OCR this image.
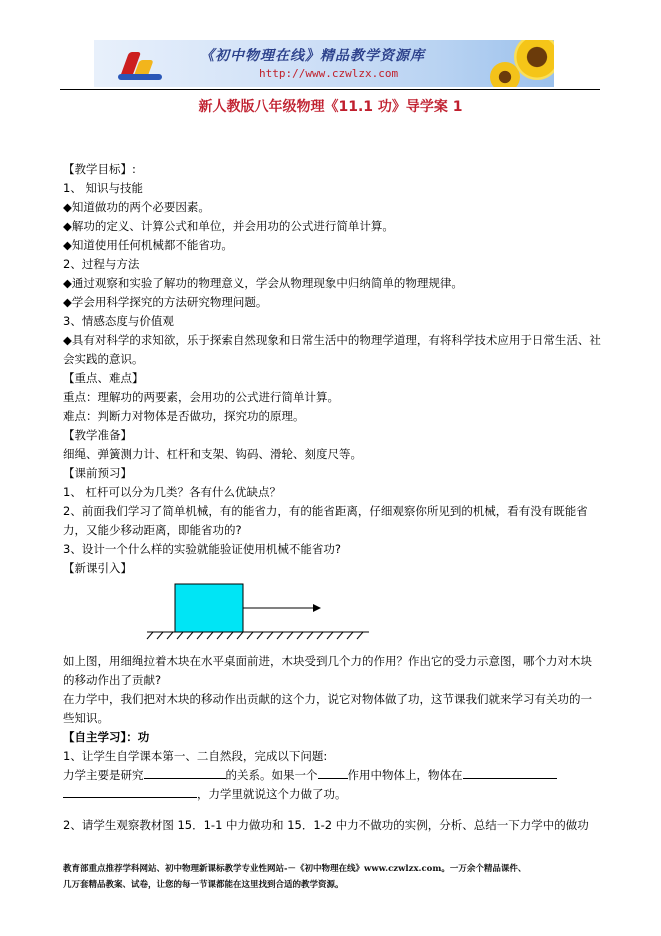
《初中物理在线》精品教学资源库
http://www.czwlzx.com
新人教版八年级物理《11.1 功》导学案 1

【教学目标】:

1、 知识与技能

◆知道做功的两个必要因素。

◆解功的定义、计算公式和单位，并会用功的公式进行简单计算。

◆知道使用任何机械都不能省功。

2、过程与方法

◆通过观察和实验了解功的物理意义，学会从物理现象中归纳简单的物理规律。

◆学会用科学探究的方法研究物理问题。

3、情感态度与价值观

◆具有对科学的求知欲，乐于探索自然现象和日常生活中的物理学道理，有将科学技术应用于日常生活、社会实践的意识。

【重点、难点】

重点：理解功的两要素，会用功的公式进行简单计算。

难点：判断力对物体是否做功，探究功的原理。

【教学准备】

细绳、弹簧测力计、杠杆和支架、钩码、滑轮、刻度尺等。

【课前预习】

1、 杠杆可以分为几类？各有什么优缺点？

2、前面我们学习了简单机械，有的能省力，有的能省距离，仔细观察你所见到的机械，看有没有既能省力，又能少移动距离，即能省功的?

3、设计一个什么样的实验就能验证使用机械不能省功?

【新课引入】

如上图，用细绳拉着木块在水平桌面前进，木块受到几个力的作用？作出它的受力示意图，哪个力对木块的移动作出了贡献?

在力学中，我们把对木块的移动作出贡献的这个力，说它对物体做了功，这节课我们就来学习有关功的一些知识。

【自主学习】：功

1、让学生自学课本第一、二自然段，完成以下问题:

力学主要是研究	的关系。如果一个	作用中物体上，物体在

，力学里就说这个力做了功。

2、请学生观察教材图 15．1-1 中力做功和 15．1-2 中力不做功的实例，分析、总结一下力学中的做功

教育部重点推荐学科网站、初中物理新课标教学专业性网站-－《初中物理在线》www.czwlzx.com。一万余个精品课件、

几万套精品教案、试卷，让您的每一节课都能在这里找到合适的教学资源。
